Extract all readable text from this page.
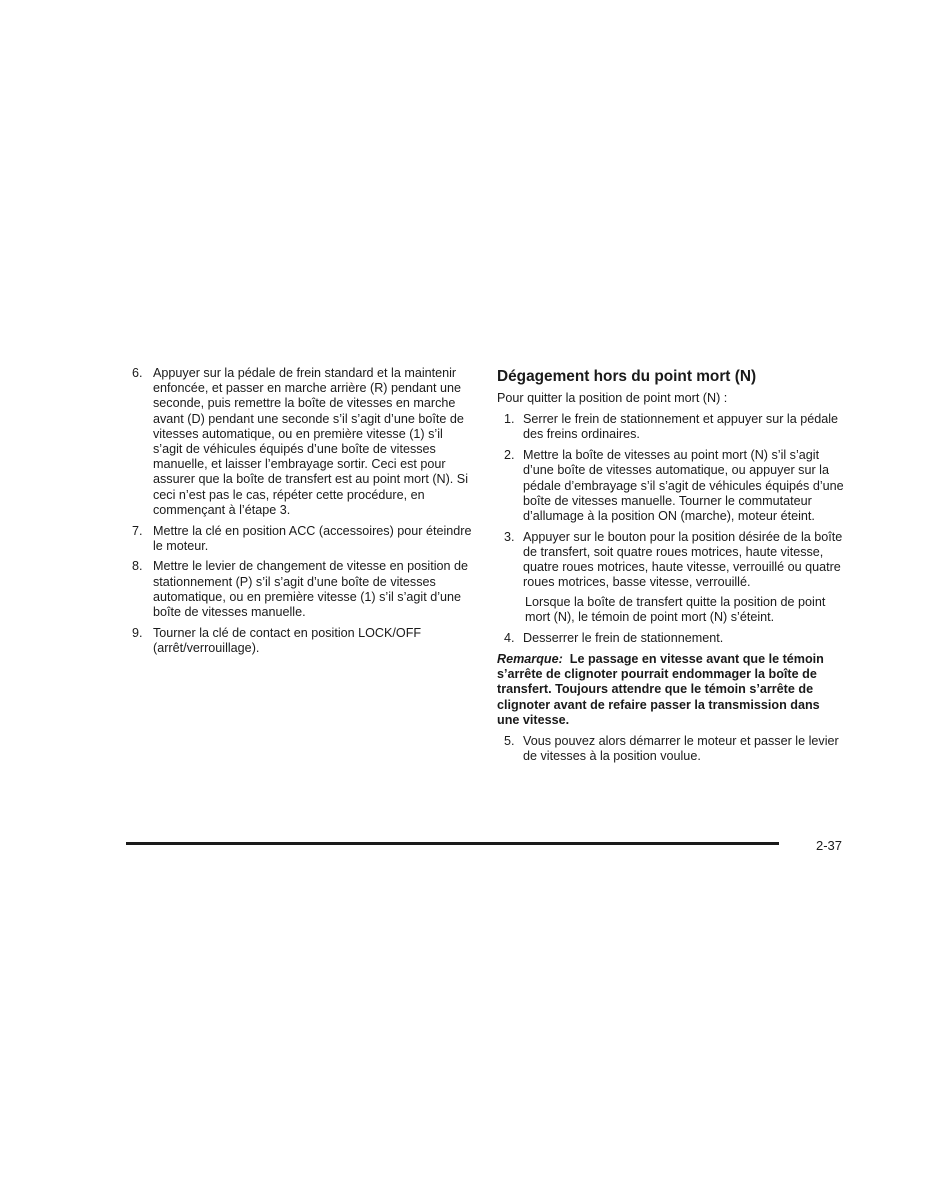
6. Appuyer sur la pédale de frein standard et la maintenir enfoncée, et passer en marche arrière (R) pendant une seconde, puis remettre la boîte de vitesses en marche avant (D) pendant une seconde s’il s’agit d’une boîte de vitesses automatique, ou en première vitesse (1) s’il s’agit de véhicules équipés d’une boîte de vitesses manuelle, et laisser l’embrayage sortir. Ceci est pour assurer que la boîte de transfert est au point mort (N). Si ceci n’est pas le cas, répéter cette procédure, en commençant à l’étape 3.
7. Mettre la clé en position ACC (accessoires) pour éteindre le moteur.
8. Mettre le levier de changement de vitesse en position de stationnement (P) s’il s’agit d’une boîte de vitesses automatique, ou en première vitesse (1) s’il s’agit d’une boîte de vitesses manuelle.
9. Tourner la clé de contact en position LOCK/OFF (arrêt/verrouillage).
Dégagement hors du point mort (N)

Pour quitter la position de point mort (N) :

1. Serrer le frein de stationnement et appuyer sur la pédale des freins ordinaires.
2. Mettre la boîte de vitesses au point mort (N) s’il s’agit d’une boîte de vitesses automatique, ou appuyer sur la pédale d’embrayage s’il s’agit de véhicules équipés d’une boîte de vitesses manuelle. Tourner le commutateur d’allumage à la position ON (marche), moteur éteint.
3. Appuyer sur le bouton pour la position désirée de la boîte de transfert, soit quatre roues motrices, haute vitesse, quatre roues motrices, haute vitesse, verrouillé ou quatre roues motrices, basse vitesse, verrouillé.

Lorsque la boîte de transfert quitte la position de point mort (N), le témoin de point mort (N) s’éteint.

4. Desserrer le frein de stationnement.

Remarque: Le passage en vitesse avant que le témoin s’arrête de clignoter pourrait endommager la boîte de transfert. Toujours attendre que le témoin s’arrête de clignoter avant de refaire passer la transmission dans une vitesse.

5. Vous pouvez alors démarrer le moteur et passer le levier de vitesses à la position voulue.
2-37
